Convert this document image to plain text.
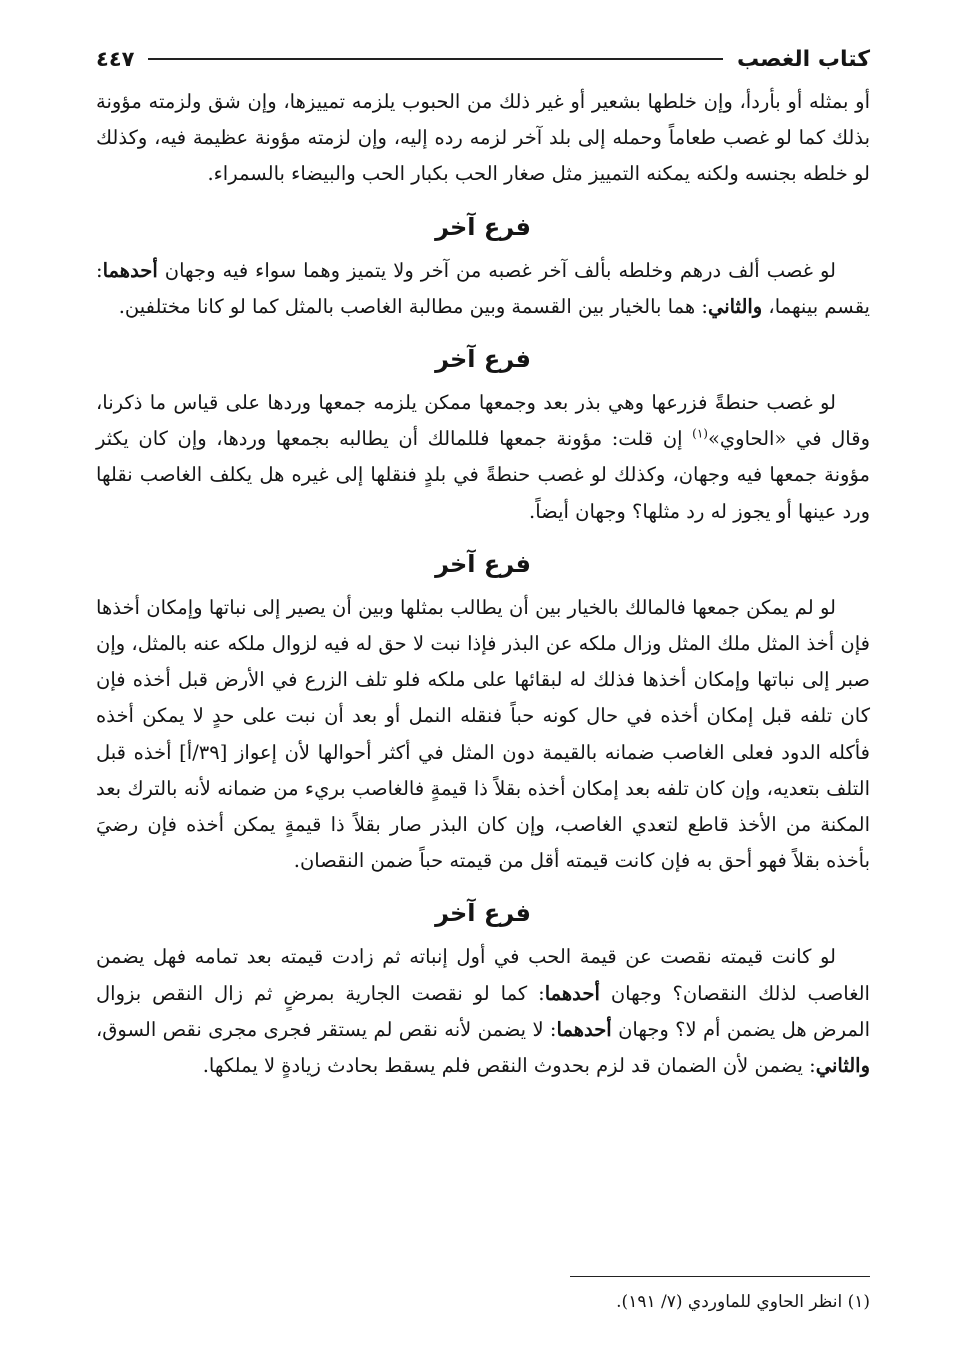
كتاب الغصب
٤٤٧

أو بمثله أو بأردأ، وإن خلطها بشعير أو غير ذلك من الحبوب يلزمه تمييزها، وإن شق ولزمته مؤونة بذلك كما لو غصب طعاماً وحمله إلى بلد آخر لزمه رده إليه، وإن لزمته مؤونة عظيمة فيه، وكذلك لو خلطه بجنسه ولكنه يمكنه التمييز مثل صغار الحب بكبار الحب والبيضاء بالسمراء.

فرع آخر

لو غصب ألف درهم وخلطه بألف آخر غصبه من آخر ولا يتميز وهما سواء فيه وجهان أحدهما: يقسم بينهما، والثاني: هما بالخيار بين القسمة وبين مطالبة الغاصب بالمثل كما لو كانا مختلفين.

فرع آخر

لو غصب حنطةً فزرعها وهي بذر بعد وجمعها ممكن يلزمه جمعها وردها على قياس ما ذكرنا، وقال في «الحاوي»$^{(١)}$ إن قلت: مؤونة جمعها فللمالك أن يطالبه بجمعها وردها، وإن كان يكثر مؤونة جمعها فيه وجهان، وكذلك لو غصب حنطةً في بلدٍ فنقلها إلى غيره هل يكلف الغاصب نقلها ورد عينها أو يجوز له رد مثلها؟ وجهان أيضاً.

فرع آخر

لو لم يمكن جمعها فالمالك بالخيار بين أن يطالب بمثلها وبين أن يصير إلى نباتها وإمكان أخذها فإن أخذ المثل ملك المثل وزال ملكه عن البذر فإذا نبت لا حق له فيه لزوال ملكه عنه بالمثل، وإن صبر إلى نباتها وإمكان أخذها فذلك له لبقائها على ملكه فلو تلف الزرع في الأرض قبل أخذه فإن كان تلفه قبل إمكان أخذه في حال كونه حباً فنقله النمل أو بعد أن نبت على حدٍ لا يمكن أخذه فأكله الدود فعلى الغاصب ضمانه بالقيمة دون المثل في أكثر أحوالها لأن إعواز [٣٩/أ] أخذه قبل التلف بتعديه، وإن كان تلفه بعد إمكان أخذه بقلاً ذا قيمةٍ فالغاصب بريء من ضمانه لأنه بالترك بعد المكنة من الأخذ قاطع لتعدي الغاصب، وإن كان البذر صار بقلاً ذا قيمةٍ يمكن أخذه فإن رضيَ بأخذه بقلاً فهو أحق به فإن كانت قيمته أقل من قيمته حباً ضمن النقصان.

فرع آخر

لو كانت قيمته نقصت عن قيمة الحب في أول إنباته ثم زادت قيمته بعد تمامه فهل يضمن الغاصب لذلك النقصان؟ وجهان أحدهما: كما لو نقصت الجارية بمرضٍ ثم زال النقص بزوال المرض هل يضمن أم لا؟ وجهان أحدهما: لا يضمن لأنه نقص لم يستقر فجرى مجرى نقص السوق، والثاني: يضمن لأن الضمان قد لزم بحدوث النقص فلم يسقط بحادث زيادةٍ لا يملكها.

(١) انظر الحاوي للماوردي (٧/ ١٩١).
